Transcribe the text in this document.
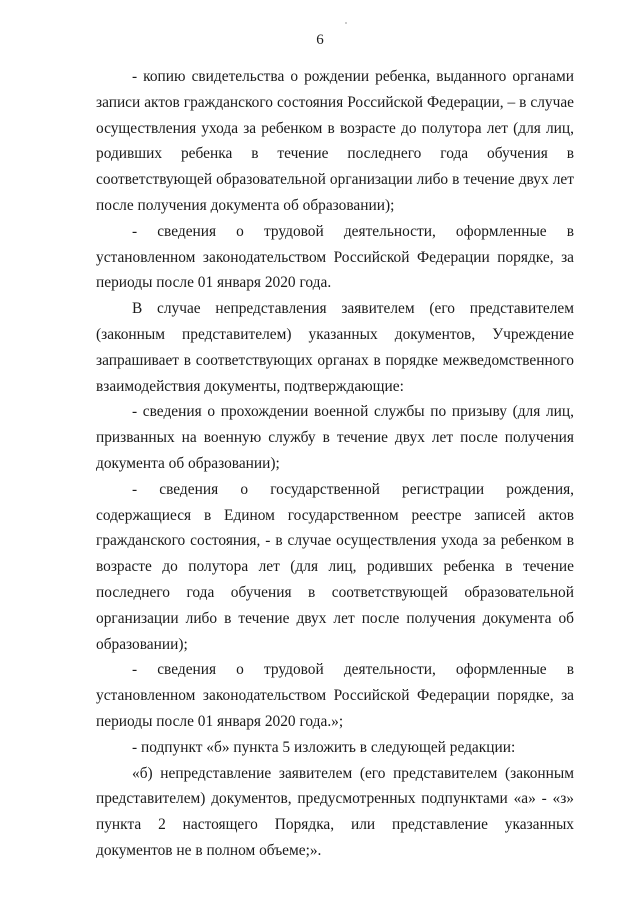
6

- копию свидетельства о рождении ребенка, выданного органами записи актов гражданского состояния Российской Федерации, – в случае осуществления ухода за ребенком в возрасте до полутора лет (для лиц, родивших ребенка в течение последнего года обучения в соответствующей образовательной организации либо в течение двух лет после получения документа об образовании);

- сведения о трудовой деятельности, оформленные в установленном законодательством Российской Федерации порядке, за периоды после 01 января 2020 года.

В случае непредставления заявителем (его представителем (законным представителем) указанных документов, Учреждение запрашивает в соответствующих органах в порядке межведомственного взаимодействия документы, подтверждающие:

- сведения о прохождении военной службы по призыву (для лиц, призванных на военную службу в течение двух лет после получения документа об образовании);

- сведения о государственной регистрации рождения, содержащиеся в Едином государственном реестре записей актов гражданского состояния, - в случае осуществления ухода за ребенком в возрасте до полутора лет (для лиц, родивших ребенка в течение последнего года обучения в соответствующей образовательной организации либо в течение двух лет после получения документа об образовании);

- сведения о трудовой деятельности, оформленные в установленном законодательством Российской Федерации порядке, за периоды после 01 января 2020 года.»;

- подпункт «б» пункта 5 изложить в следующей редакции:

«б) непредставление заявителем (его представителем (законным представителем) документов, предусмотренных подпунктами «а» - «з» пункта 2 настоящего Порядка, или представление указанных документов не в полном объеме;».
